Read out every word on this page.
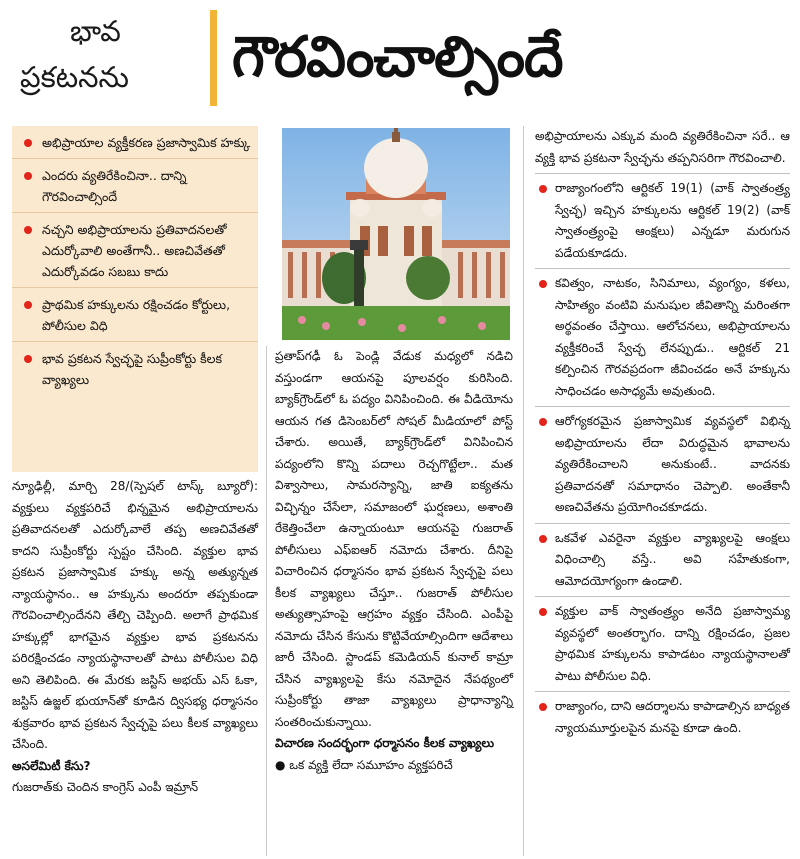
భావ
ప్రకటనను	గౌరవించాల్సిందే
అభిప్రాయాల వ్యక్తీకరణ ప్రజాస్వామిక హక్కు
ఎందరు వ్యతిరేకించినా.. దాన్ని గౌరవించాల్సిందే
నచ్చని అభిప్రాయాలను ప్రతివాదనలతో ఎదుర్కోవాలి అంతేగానీ.. అణచివేతతో ఎదుర్కోవడం సబబు కాదు
ప్రాథమిక హక్కులను రక్షించడం కోర్టులు, పోలీసుల విధి
భావ ప్రకటన స్వేచ్ఛపై సుప్రీంకోర్టు కీలక వ్యాఖ్యలు

న్యూఢిల్లీ, మార్చి 28/(స్పెషల్ టాస్క్ బ్యూరో): వ్యక్తులు వ్యక్తపరిచే భిన్నమైన అభిప్రాయాలను ప్రతివాదనలతో ఎదుర్కోవాలే తప్ప అణచివేతతో కాదని సుప్రీంకోర్టు స్పష్టం చేసింది. వ్యక్తుల భావ ప్రకటన ప్రజాస్వామిక హక్కు అన్న అత్యున్నత న్యాయస్థానం.. ఆ హక్కును అందరూ తప్పకుండా గౌరవించాల్సిందేనని తేల్చి చెప్పింది. అలాగే ప్రాథమిక హక్కుల్లో భాగమైన వ్యక్తుల భావ ప్రకటనను పరిరక్షించడం న్యాయస్థానాలతో పాటు పోలీసుల విధి అని తెలిపింది. ఈ మేరకు జస్టిస్ అభయ్ ఎస్ ఓకా, జస్టిస్ ఉజ్జల్ భుయాన్‌తో కూడిన ద్విసభ్య ధర్మాసనం శుక్రవారం భావ ప్రకటన స్వేచ్ఛపై పలు కీలక వ్యాఖ్యలు చేసింది.

అసలేమిటీ కేసు?

గుజరాత్‌కు చెందిన కాంగ్రెస్ ఎంపీ ఇమ్రాన్

ప్రతాప్‌గఢీ ఓ పెండ్లి వేడుక మధ్యలో నడిచి వస్తుండగా ఆయనపై పూలవర్షం కురిసింది. బ్యాక్‌గ్రౌండ్‌లో ఓ పద్యం వినిపించింది. ఈ వీడియోను ఆయన గత డిసెంబర్‌లో సోషల్ మీడియాలో పోస్ట్ చేశారు. అయితే, బ్యాక్‌గ్రౌండ్‌లో వినిపించిన పద్యంలోని కొన్ని పదాలు రెచ్చగొట్టేలా.. మత విశ్వాసాలు, సామరస్యాన్ని, జాతి ఐక్యతను విచ్ఛిన్నం చేసేలా, సమాజంలో ఘర్షణలు, అశాంతి రేకెత్తించేలా ఉన్నాయంటూ ఆయనపై గుజరాత్ పోలీసులు ఎఫ్ఐఆర్ నమోదు చేశారు. దీనిపై విచారించిన ధర్మాసనం భావ ప్రకటన స్వేచ్ఛపై పలు కీలక వ్యాఖ్యలు చేస్తూ.. గుజరాత్ పోలీసుల అత్యుత్సాహంపై ఆగ్రహం వ్యక్తం చేసింది. ఎంపీపై నమోదు చేసిన కేసును కొట్టివేయాల్సిందిగా ఆదేశాలు జారీ చేసింది. స్టాండప్ కమెడియన్ కునాల్ కామ్రా చేసిన వ్యాఖ్యలపై కేసు నమోదైన నేపథ్యంలో సుప్రీంకోర్టు తాజా వ్యాఖ్యలు ప్రాధాన్యాన్ని సంతరించుకున్నాయి.

విచారణ సందర్భంగా ధర్మాసనం కీలక వ్యాఖ్యలు

● ఒక వ్యక్తి లేదా సమూహం వ్యక్తపరిచే

అభిప్రాయాలను ఎక్కువ మంది వ్యతిరేకించినా సరే.. ఆ వ్యక్తి భావ ప్రకటనా స్వేచ్ఛను తప్పనిసరిగా గౌరవించాలి.

రాజ్యాంగంలోని ఆర్టికల్ 19(1) (వాక్ స్వాతంత్ర్య స్వేచ్ఛ) ఇచ్చిన హక్కులను ఆర్టికల్ 19(2) (వాక్ స్వాతంత్ర్యంపై ఆంక్షలు) ఎన్నడూ మరుగున పడేయకూడదు.

కవిత్వం, నాటకం, సినిమాలు, వ్యంగ్యం, కళలు, సాహిత్యం వంటివి మనుషుల జీవితాన్ని మరింతగా అర్థవంతం చేస్తాయి. ఆలోచనలు, అభిప్రాయాలను వ్యక్తీకరించే స్వేచ్ఛ లేనప్పుడు.. ఆర్టికల్ 21 కల్పించిన గౌరవప్రదంగా జీవించడం అనే హక్కును సాధించడం అసాధ్యమే అవుతుంది.

ఆరోగ్యకరమైన ప్రజాస్వామిక వ్యవస్థలో విభిన్న అభిప్రాయాలను లేదా విరుద్ధమైన భావాలను వ్యతిరేకించాలని అనుకుంటే.. వాదనకు ప్రతివాదనతో సమాధానం చెప్పాలి. అంతేకానీ అణచివేతను ప్రయోగించకూడదు.

ఒకవేళ ఎవరైనా వ్యక్తుల వ్యాఖ్యలపై ఆంక్షలు విధించాల్సి వస్తే.. అవి సహేతుకంగా, ఆమోదయోగ్యంగా ఉండాలి.

వ్యక్తుల వాక్ స్వాతంత్ర్యం అనేది ప్రజాస్వామ్య వ్యవస్థలో అంతర్భాగం. దాన్ని రక్షించడం, ప్రజల ప్రాథమిక హక్కులను కాపాడటం న్యాయస్థానాలతో పాటు పోలీసుల విధి.

రాజ్యాంగం, దాని ఆదర్శాలను కాపాడాల్సిన బాధ్యత న్యాయమూర్తులపైన మనపై కూడా ఉంది.
